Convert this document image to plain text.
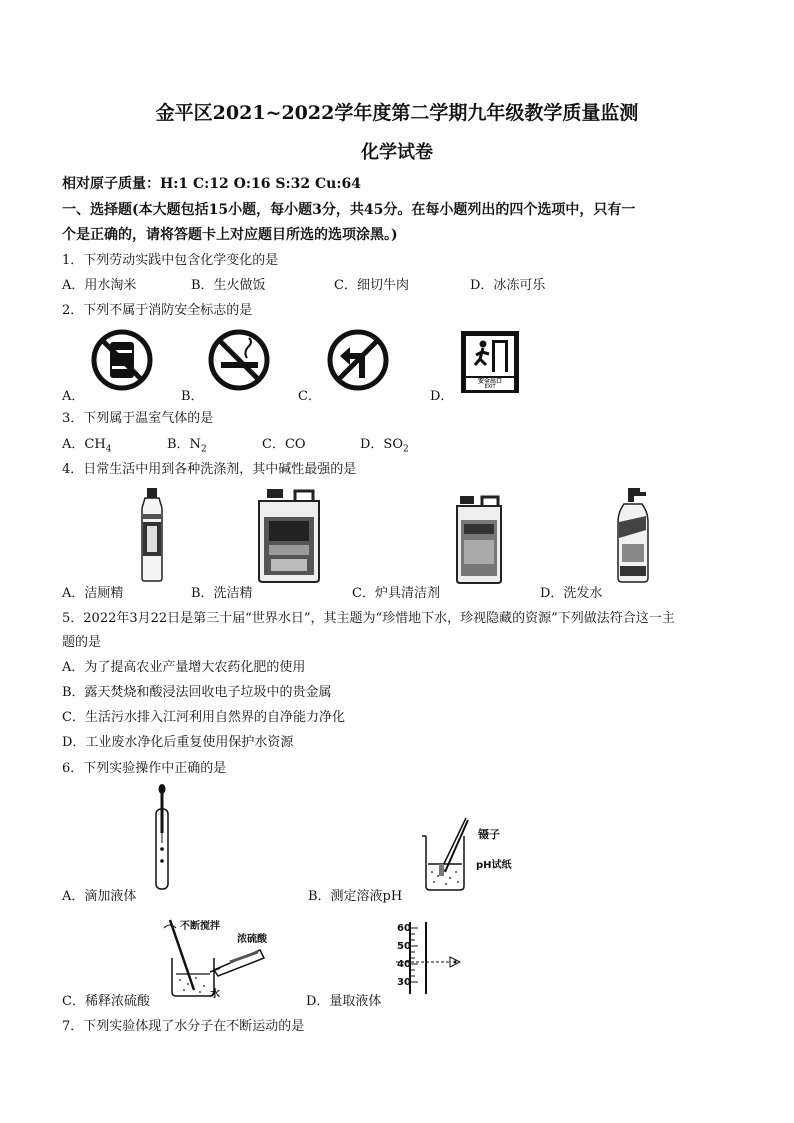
金平区2021~2022学年度第二学期九年级教学质量监测
化学试卷
相对原子质量：H:1 C:12 O:16 S:32 Cu:64
一、选择题(本大题包括15小题，每小题3分，共45分。在每小题列出的四个选项中，只有一
个是正确的，请将答题卡上对应题目所选的选项涂黑。)
1．下列劳动实践中包含化学变化的是
A．用水淘米	B．生火做饭	C．细切牛肉	D．冰冻可乐
2．下列不属于消防安全标志的是
安全出口
EXIT
A．	B．	C．	D．
3．下列属于温室气体的是
A．$CH_4$	B．$N_2$	C．CO	D．$SO_2$
4．日常生活中用到各种洗涤剂，其中碱性最强的是
A．洁厕精	B．洗洁精	C．炉具清洁剂	D．洗发水
5．2022年3月22日是第三十届“世界水日”，其主题为“珍惜地下水，珍视隐藏的资源”下列做法符合这一主
题的是
A．为了提高农业产量增大农药化肥的使用
B．露天焚烧和酸浸法回收电子垃圾中的贵金属
C．生活污水排入江河利用自然界的自净能力净化
D．工业废水净化后重复使用保护水资源
6．下列实验操作中正确的是
A．滴加液体
镊子
pH试纸
B．测定溶液pH
不断搅拌
浓硫酸
水
C．稀释浓硫酸
60
50
40
30
D．量取液体
7．下列实验体现了水分子在不断运动的是
